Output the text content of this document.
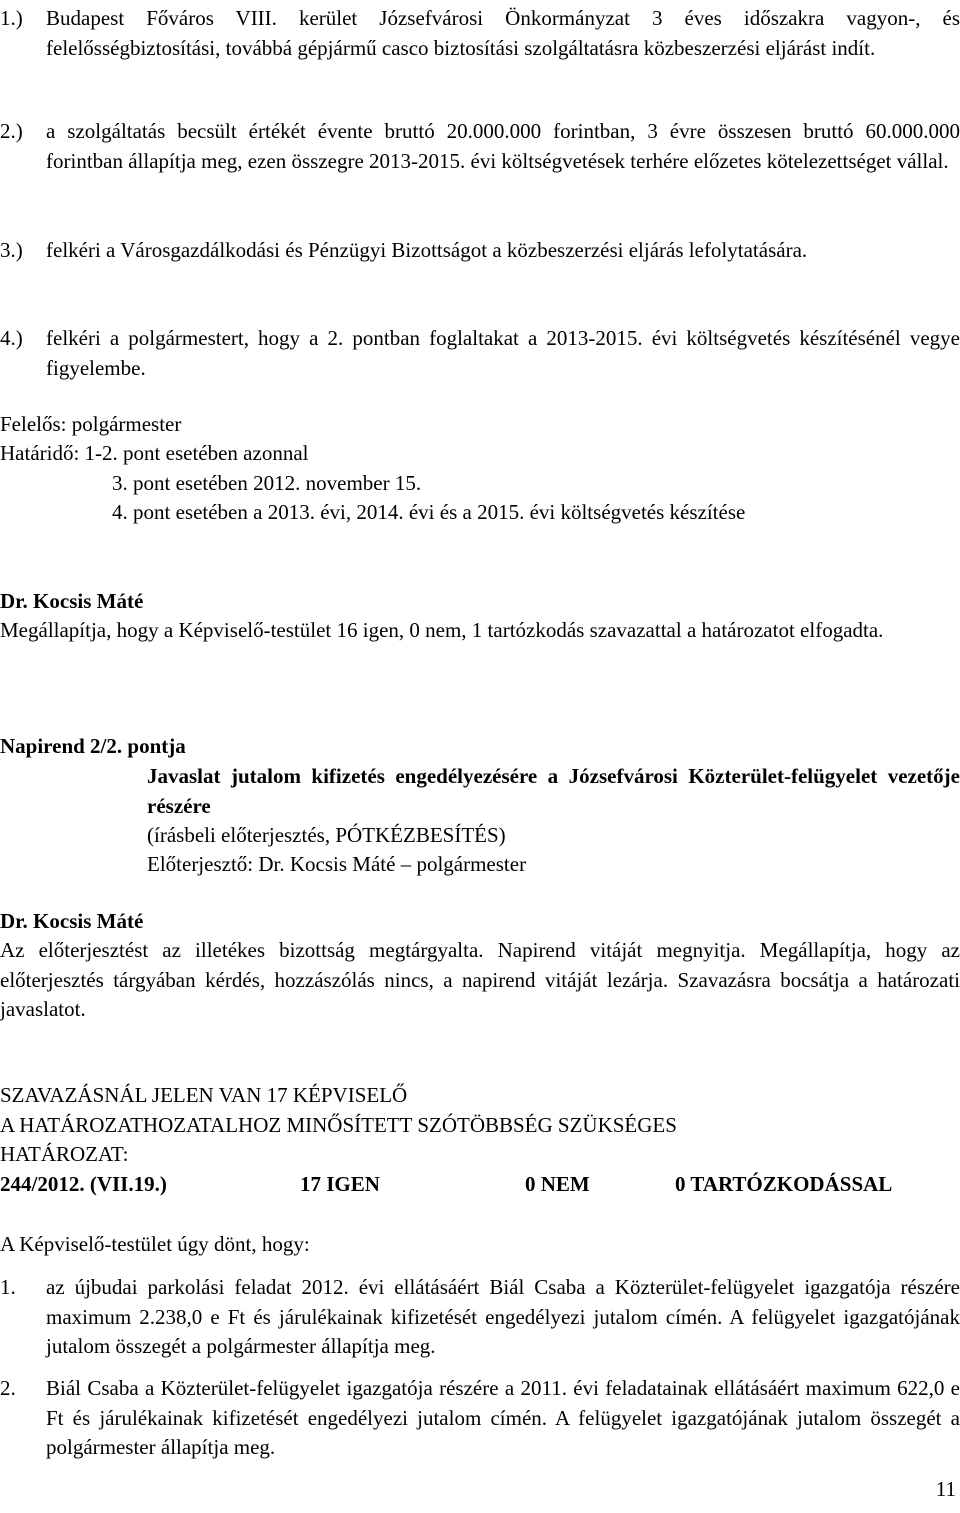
1.)	Budapest Főváros VIII. kerület Józsefvárosi Önkormányzat 3 éves időszakra vagyon-, és felelősségbiztosítási, továbbá gépjármű casco biztosítási szolgáltatásra közbeszerzési eljárást indít.
2.)	a szolgáltatás becsült értékét évente bruttó 20.000.000 forintban, 3 évre összesen bruttó 60.000.000 forintban állapítja meg, ezen összegre 2013-2015. évi költségvetések terhére előzetes kötelezettséget vállal.
3.)	felkéri a Városgazdálkodási és Pénzügyi Bizottságot a közbeszerzési eljárás lefolytatására.
4.)	felkéri a polgármestert, hogy a 2. pontban foglaltakat a 2013-2015. évi költségvetés készítésénél vegye figyelembe.
Felelős: polgármester
Határidő: 1-2. pont esetében azonnal
3. pont esetében 2012. november 15.
4. pont esetében a 2013. évi, 2014. évi és a 2015. évi költségvetés készítése
Dr. Kocsis Máté
Megállapítja, hogy a Képviselő-testület 16 igen, 0 nem, 1 tartózkodás szavazattal a határozatot elfogadta.
Napirend 2/2. pontja
Javaslat jutalom kifizetés engedélyezésére a Józsefvárosi Közterület-felügyelet vezetője részére
(írásbeli előterjesztés, PÓTKÉZBESÍTÉS)
Előterjesztő: Dr. Kocsis Máté – polgármester
Dr. Kocsis Máté
Az előterjesztést az illetékes bizottság megtárgyalta. Napirend vitáját megnyitja. Megállapítja, hogy az előterjesztés tárgyában kérdés, hozzászólás nincs, a napirend vitáját lezárja. Szavazásra bocsátja a határozati javaslatot.
SZAVAZÁSNÁL JELEN VAN 17 KÉPVISELŐ
A HATÁROZATHOZATALHOZ MINŐSÍTETT SZÓTÖBBSÉG SZÜKSÉGES
HATÁROZAT:
244/2012. (VII.19.)	17 IGEN	0 NEM	0 TARTÓZKODÁSSAL
A Képviselő-testület úgy dönt, hogy:
1.	az újbudai parkolási feladat 2012. évi ellátásáért Biál Csaba a Közterület-felügyelet igazgatója részére maximum 2.238,0 e Ft és járulékainak kifizetését engedélyezi jutalom címén. A felügyelet igazgatójának jutalom összegét a polgármester állapítja meg.
2.	Biál Csaba a Közterület-felügyelet igazgatója részére a 2011. évi feladatainak ellátásáért maximum 622,0 e Ft és járulékainak kifizetését engedélyezi jutalom címén. A felügyelet igazgatójának jutalom összegét a polgármester állapítja meg.
11
